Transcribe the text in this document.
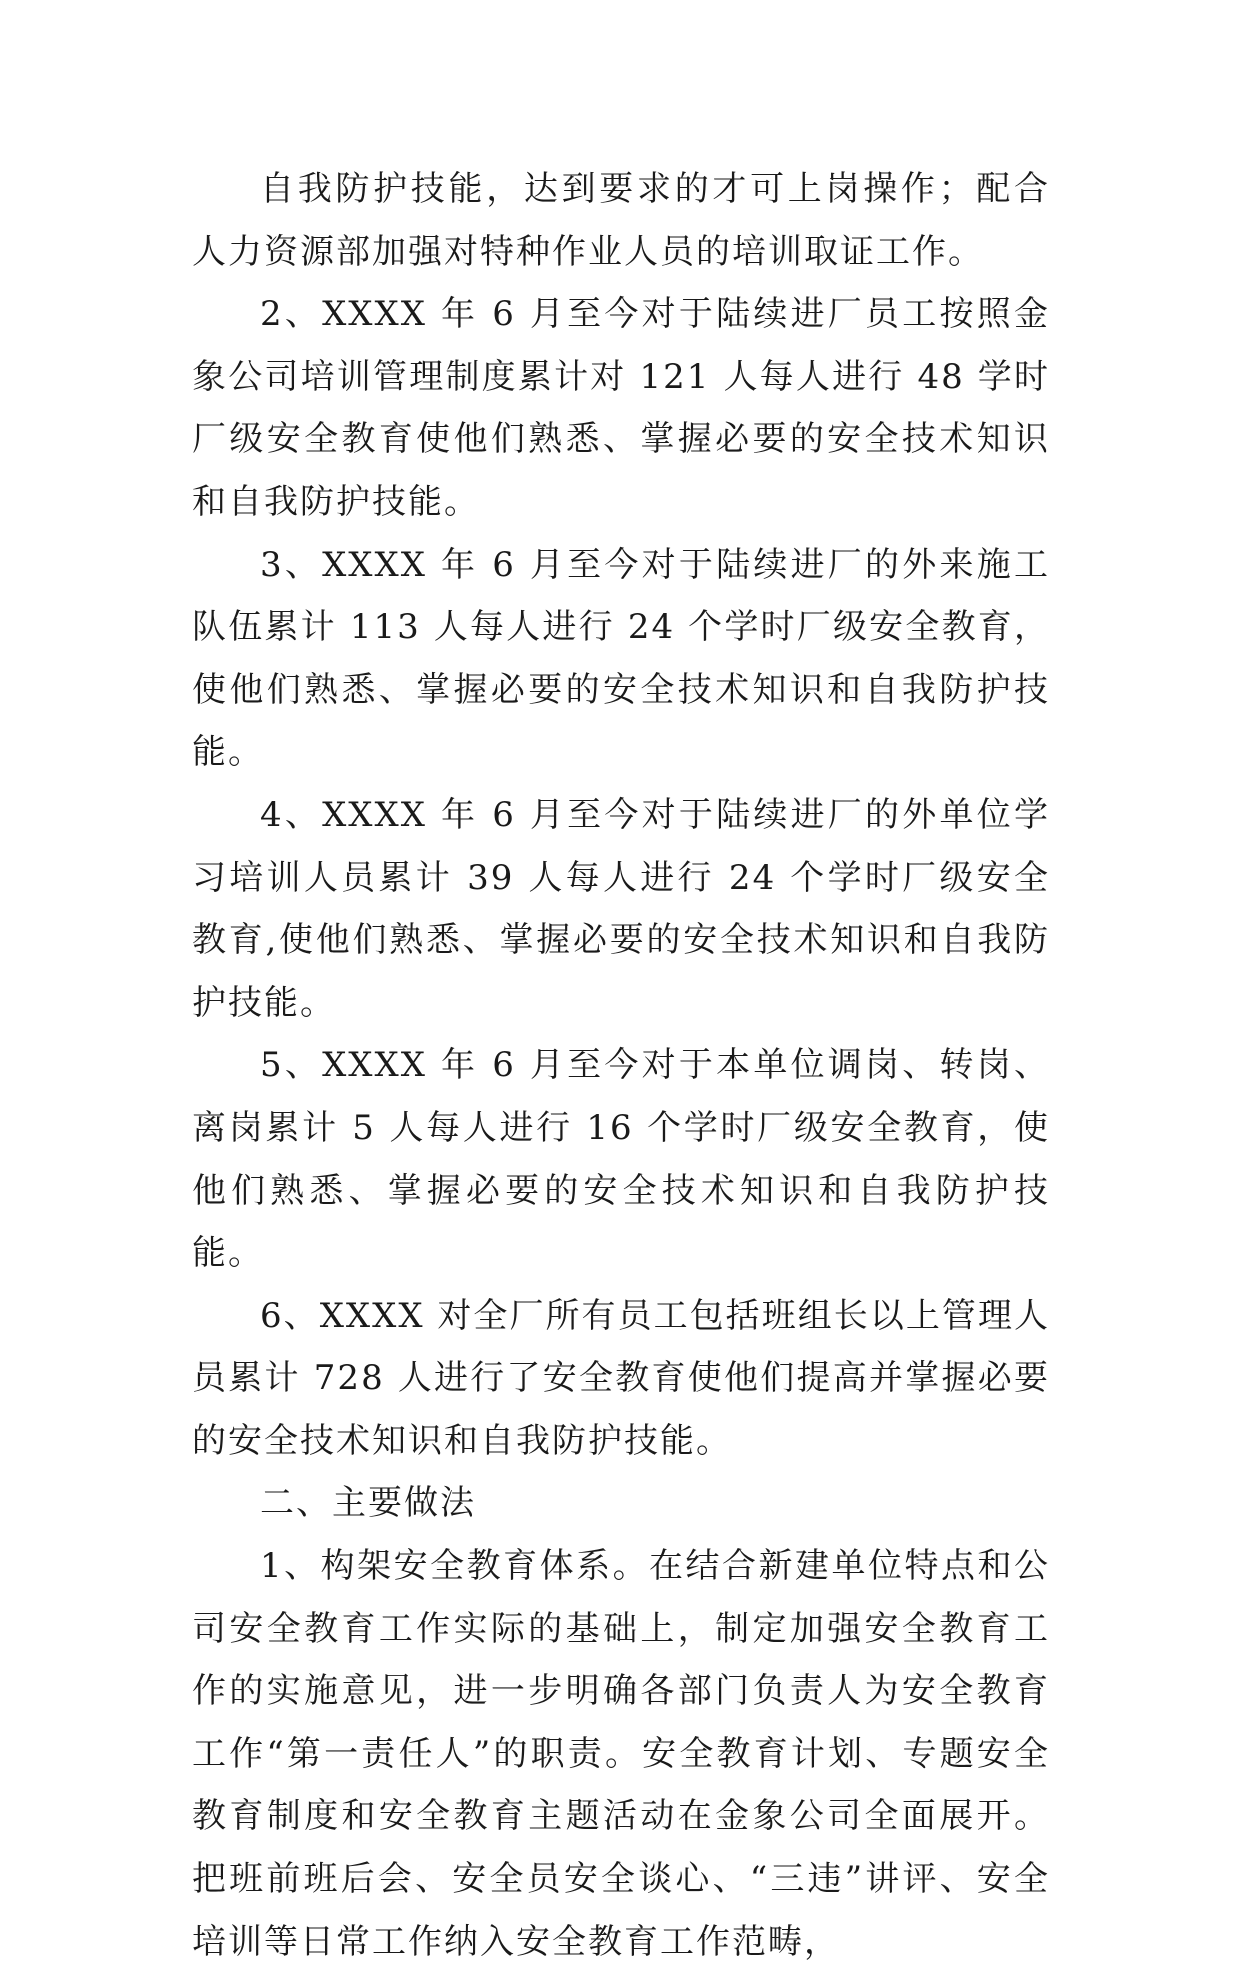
自我防护技能，达到要求的才可上岗操作；配合人力资源部加强对特种作业人员的培训取证工作。

2、XXXX 年 6 月至今对于陆续进厂员工按照金象公司培训管理制度累计对 121 人每人进行 48 学时厂级安全教育使他们熟悉、掌握必要的安全技术知识和自我防护技能。

3、XXXX 年 6 月至今对于陆续进厂的外来施工队伍累计 113 人每人进行 24 个学时厂级安全教育，使他们熟悉、掌握必要的安全技术知识和自我防护技能。

4、XXXX 年 6 月至今对于陆续进厂的外单位学习培训人员累计 39 人每人进行 24 个学时厂级安全教育,使他们熟悉、掌握必要的安全技术知识和自我防护技能。

5、XXXX 年 6 月至今对于本单位调岗、转岗、离岗累计 5 人每人进行 16 个学时厂级安全教育，使他们熟悉、掌握必要的安全技术知识和自我防护技能。

6、XXXX 对全厂所有员工包括班组长以上管理人员累计 728 人进行了安全教育使他们提高并掌握必要的安全技术知识和自我防护技能。

二、主要做法

1、构架安全教育体系。在结合新建单位特点和公司安全教育工作实际的基础上，制定加强安全教育工作的实施意见，进一步明确各部门负责人为安全教育工作“第一责任人”的职责。安全教育计划、专题安全教育制度和安全教育主题活动在金象公司全面展开。把班前班后会、安全员安全谈心、“三违”讲评、安全培训等日常工作纳入安全教育工作范畴，
